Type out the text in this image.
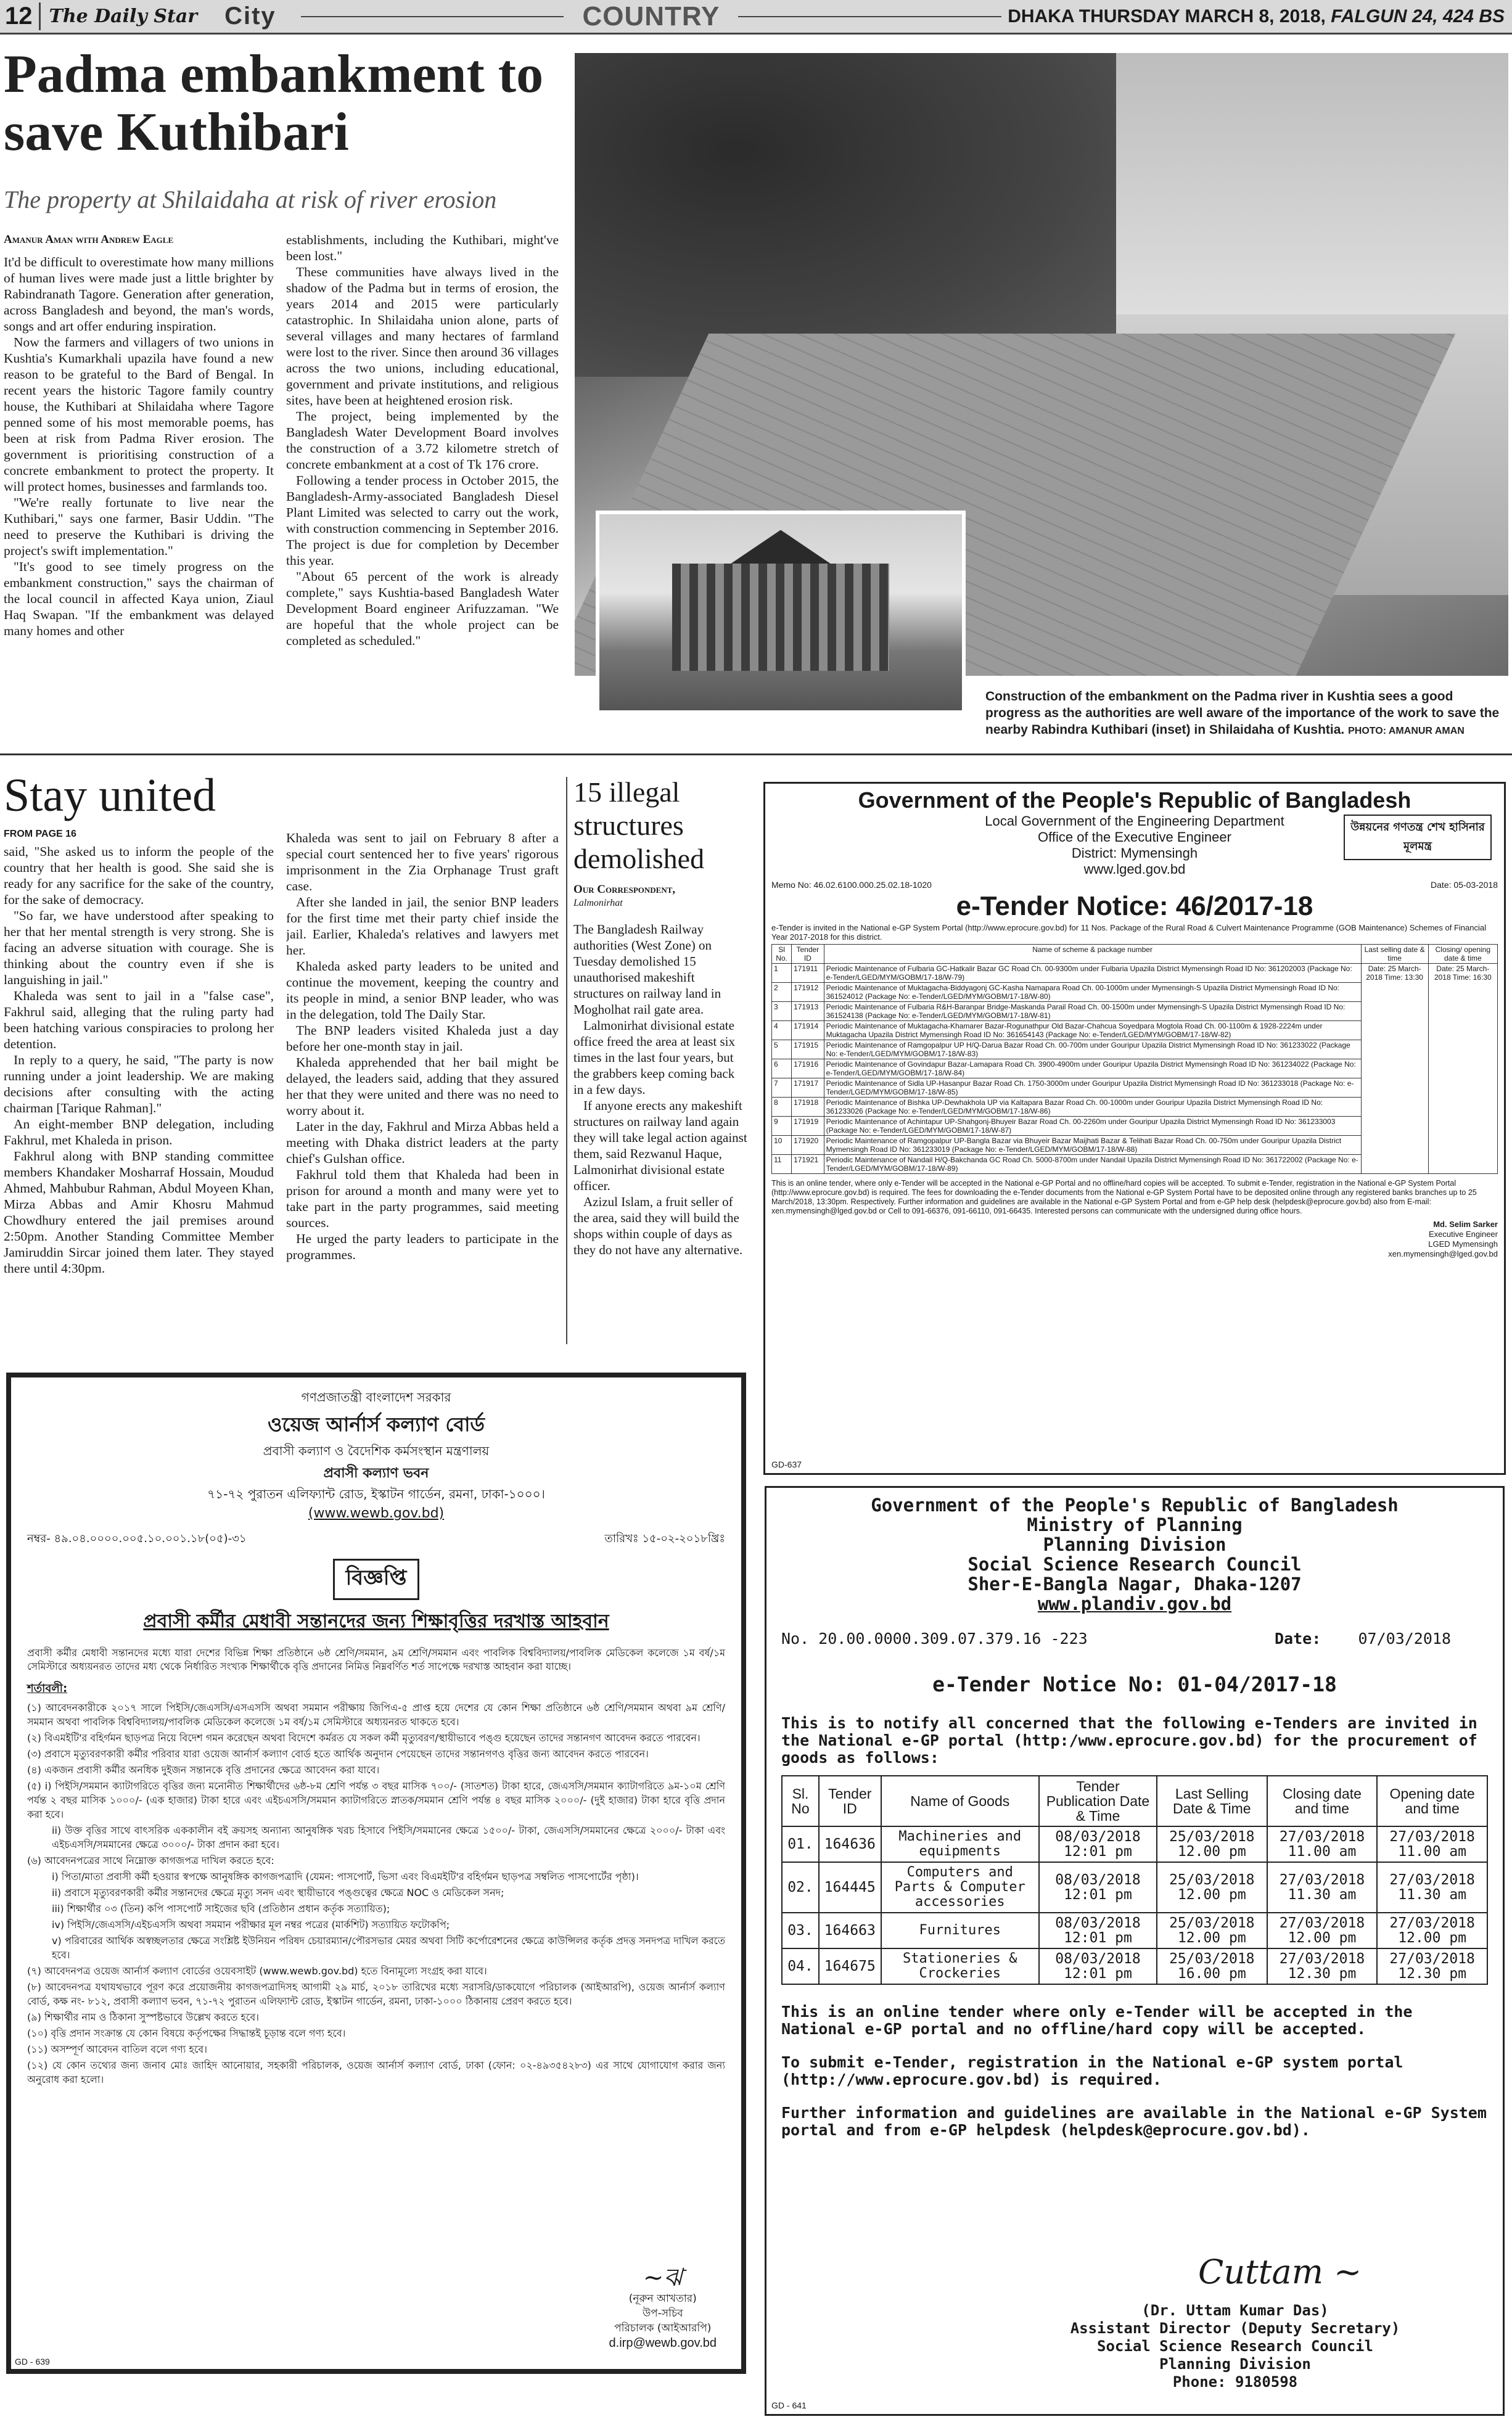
12 The Daily Star	City	COUNTRY	DHAKA THURSDAY MARCH 8, 2018, FALGUN 24, 424 BS
Padma embankment to save Kuthibari
The property at Shilaidaha at risk of river erosion
Amanur Aman with Andrew Eagle

It'd be difficult to overestimate how many millions of human lives were made just a little brighter by Rabindranath Tagore. Generation after generation, across Bangladesh and beyond, the man's words, songs and art offer enduring inspiration.

Now the farmers and villagers of two unions in Kushtia's Kumarkhali upazila have found a new reason to be grateful to the Bard of Bengal. In recent years the historic Tagore family country house, the Kuthibari at Shilaidaha where Tagore penned some of his most memorable poems, has been at risk from Padma River erosion. The government is prioritising construction of a concrete embankment to protect the property. It will protect homes, businesses and farmlands too.

"We're really fortunate to live near the Kuthibari," says one farmer, Basir Uddin. "The need to preserve the Kuthibari is driving the project's swift implementation."

"It's good to see timely progress on the embankment construction," says the chairman of the local council in affected Kaya union, Ziaul Haq Swapan. "If the embankment was delayed many homes and other

establishments, including the Kuthibari, might've been lost."

These communities have always lived in the shadow of the Padma but in terms of erosion, the years 2014 and 2015 were particularly catastrophic. In Shilaidaha union alone, parts of several villages and many hectares of farmland were lost to the river. Since then around 36 villages across the two unions, including educational, government and private institutions, and religious sites, have been at heightened erosion risk.

The project, being implemented by the Bangladesh Water Development Board involves the construction of a 3.72 kilometre stretch of concrete embankment at a cost of Tk 176 crore.

Following a tender process in October 2015, the Bangladesh-Army-associated Bangladesh Diesel Plant Limited was selected to carry out the work, with construction commencing in September 2016. The project is due for completion by December this year.

"About 65 percent of the work is already complete," says Kushtia-based Bangladesh Water Development Board engineer Arifuzzaman. "We are hopeful that the whole project can be completed as scheduled."

Construction of the embankment on the Padma river in Kushtia sees a good progress as the authorities are well aware of the importance of the work to save the nearby Rabindra Kuthibari (inset) in Shilaidaha of Kushtia. PHOTO: AMANUR AMAN
Stay united
FROM PAGE 16

said, "She asked us to inform the people of the country that her health is good. She said she is ready for any sacrifice for the sake of the country, for the sake of democracy.

"So far, we have understood after speaking to her that her mental strength is very strong. She is facing an adverse situation with courage. She is thinking about the country even if she is languishing in jail."

Khaleda was sent to jail in a "false case", Fakhrul said, alleging that the ruling party had been hatching various conspiracies to prolong her detention.

In reply to a query, he said, "The party is now running under a joint leadership. We are making decisions after consulting with the acting chairman [Tarique Rahman]."

An eight-member BNP delegation, including Fakhrul, met Khaleda in prison.

Fakhrul along with BNP standing committee members Khandaker Mosharraf Hossain, Moudud Ahmed, Mahbubur Rahman, Abdul Moyeen Khan, Mirza Abbas and Amir Khosru Mahmud Chowdhury entered the jail premises around 2:50pm. Another Standing Committee Member Jamiruddin Sircar joined them later. They stayed there until 4:30pm.

Khaleda was sent to jail on February 8 after a special court sentenced her to five years' rigorous imprisonment in the Zia Orphanage Trust graft case.

After she landed in jail, the senior BNP leaders for the first time met their party chief inside the jail. Earlier, Khaleda's relatives and lawyers met her.

Khaleda asked party leaders to be united and continue the movement, keeping the country and its people in mind, a senior BNP leader, who was in the delegation, told The Daily Star.

The BNP leaders visited Khaleda just a day before her one-month stay in jail.

Khaleda apprehended that her bail might be delayed, the leaders said, adding that they assured her that they were united and there was no need to worry about it.

Later in the day, Fakhrul and Mirza Abbas held a meeting with Dhaka district leaders at the party chief's Gulshan office.

Fakhrul told them that Khaleda had been in prison for around a month and many were yet to take part in the party programmes, said meeting sources.

He urged the party leaders to participate in the programmes.

15 illegal structures demolished
Our Correspondent,
Lalmonirhat

The Bangladesh Railway authorities (West Zone) on Tuesday demolished 15 unauthorised makeshift structures on railway land in Mogholhat rail gate area.

Lalmonirhat divisional estate office freed the area at least six times in the last four years, but the grabbers keep coming back in a few days.

If anyone erects any makeshift structures on railway land again they will take legal action against them, said Rezwanul Haque, Lalmonirhat divisional estate officer.

Azizul Islam, a fruit seller of the area, said they will build the shops within couple of days as they do not have any alternative.

Government of the People's Republic of Bangladesh
Local Government of the Engineering Department
Office of the Executive Engineer
District: Mymensingh
www.lged.gov.bd
উন্নয়নের গণতন্ত্র শেখ হাসিনার মূলমন্ত্র
Memo No: 46.02.6100.000.25.02.18-1020	Date: 05-03-2018
e-Tender Notice: 46/2017-18
e-Tender is invited in the National e-GP System Portal (http://www.eprocure.gov.bd) for 11 Nos. Package of the Rural Road & Culvert Maintenance Programme (GOB Maintenance) Schemes of Financial Year 2017-2018 for this district.
Sl No.	Tender ID	Name of scheme & package number	Last selling date & time	Closing/ opening date & time
1	171911	Periodic Maintenance of Fulbaria GC-Hatkalir Bazar GC Road Ch. 00-9300m under Fulbaria Upazila District Mymensingh Road ID No: 361202003 (Package No: e-Tender/LGED/MYM/GOBM/17-18/W-79)	Date: 25 March-2018 Time: 13:30	Date: 25 March-2018 Time: 16:30
2	171912	Periodic Maintenance of Muktagacha-Biddyagonj GC-Kasha Namapara Road Ch. 00-1000m under Mymensingh-S Upazila District Mymensingh Road ID No: 361524012 (Package No: e-Tender/LGED/MYM/GOBM/17-18/W-80)		
3	171913	Periodic Maintenance of Fulbaria R&H-Baranpar Bridge-Maskanda Parail Road Ch. 00-1500m under Mymensingh-S Upazila District Mymensingh Road ID No: 361524138 (Package No: e-Tender/LGED/MYM/GOBM/17-18/W-81)		
4	171914	Periodic Maintenance of Muktagacha-Khamarer Bazar-Rogunathpur Old Bazar-Chahcua Soyedpara Mogtola Road Ch. 00-1100m & 1928-2224m under Muktagacha Upazila District Mymensingh Road ID No: 361654143 (Package No: e-Tender/LGED/MYM/GOBM/17-18/W-82)		
5	171915	Periodic Maintenance of Ramgopalpur UP H/Q-Darua Bazar Road Ch. 00-700m under Gouripur Upazila District Mymensingh Road ID No: 361233022 (Package No: e-Tender/LGED/MYM/GOBM/17-18/W-83)		
6	171916	Periodic Maintenance of Govindapur Bazar-Lamapara Road Ch. 3900-4900m under Gouripur Upazila District Mymensingh Road ID No: 361234022 (Package No: e-Tender/LGED/MYM/GOBM/17-18/W-84)		
7	171917	Periodic Maintenance of Sidla UP-Hasanpur Bazar Road Ch. 1750-3000m under Gouripur Upazila District Mymensingh Road ID No: 361233018 (Package No: e-Tender/LGED/MYM/GOBM/17-18/W-85)		
8	171918	Periodic Maintenance of Bishka UP-Dewhakhola UP via Kaltapara Bazar Road Ch. 00-1000m under Gouripur Upazila District Mymensingh Road ID No: 361233026 (Package No: e-Tender/LGED/MYM/GOBM/17-18/W-86)		
9	171919	Periodic Maintenance of Achintapur UP-Shahgonj-Bhuyeir Bazar Road Ch. 00-2260m under Gouripur Upazila District Mymensingh Road ID No: 361233003 (Package No: e-Tender/LGED/MYM/GOBM/17-18/W-87)		
10	171920	Periodic Maintenance of Ramgopalpur UP-Bangla Bazar via Bhuyeir Bazar Maijhati Bazar & Telihati Bazar Road Ch. 00-750m under Gouripur Upazila District Mymensingh Road ID No: 361233019 (Package No: e-Tender/LGED/MYM/GOBM/17-18/W-88)		
11	171921	Periodic Maintenance of Nandail H/Q-Bakchanda GC Road Ch. 5000-8700m under Nandail Upazila District Mymensingh Road ID No: 361722002 (Package No: e-Tender/LGED/MYM/GOBM/17-18/W-89)		
This is an online tender, where only e-Tender will be accepted in the National e-GP Portal and no offline/hard copies will be accepted. To submit e-Tender, registration in the National e-GP System Portal (http://www.eprocure.gov.bd) is required. The fees for downloading the e-Tender documents from the National e-GP System Portal have to be deposited online through any registered banks branches up to 25 March/2018, 13:30pm. Respectively. Further information and guidelines are available in the National e-GP System Portal and from e-GP help desk (helpdesk@eprocure.gov.bd) also from E-mail: xen.mymensingh@lged.gov.bd or Cell to 091-66376, 091-66110, 091-66435. Interested persons can communicate with the undersigned during office hours.
Md. Selim Sarker
Executive Engineer
LGED Mymensingh
xen.mymensingh@lged.gov.bd
GD-637
গণপ্রজাতন্ত্রী বাংলাদেশ সরকার
ওয়েজ আর্নার্স কল্যাণ বোর্ড
প্রবাসী কল্যাণ ও বৈদেশিক কর্মসংস্থান মন্ত্রণালয়
প্রবাসী কল্যাণ ভবন
৭১-৭২ পুরাতন এলিফ্যান্ট রোড, ইস্কাটন গার্ডেন, রমনা, ঢাকা-১০০০।
(www.wewb.gov.bd)
নম্বর- ৪৯.০৪.০০০০.০০৫.১০.০০১.১৮(০৫)-৩১	তারিখঃ ১৫-০২-২০১৮খ্রিঃ
বিজ্ঞপ্তি
প্রবাসী কর্মীর মেধাবী সন্তানদের জন্য শিক্ষাবৃত্তির দরখাস্ত আহবান
প্রবাসী কর্মীর মেধাবী সন্তানদের মধ্যে যারা দেশের বিভিন্ন শিক্ষা প্রতিষ্ঠানে ৬ষ্ঠ শ্রেণি/সমমান, ৯ম শ্রেণি/সমমান এবং পাবলিক বিশ্ববিদ্যালয়/পাবলিক মেডিকেল কলেজে ১ম বর্ষ/১ম সেমিস্টারে অধ্যয়নরত তাদের মধ্য থেকে নির্ধারিত সংখ্যক শিক্ষার্থীকে বৃত্তি প্রদানের নিমিত্ত নিম্নবর্ণিত শর্ত সাপেক্ষে দরখাস্ত আহবান করা যাচ্ছে।
শর্তাবলী:
(১) আবেদনকারীকে ২০১৭ সালে পিইসি/জেএসসি/এসএসসি অথবা সমমান পরীক্ষায় জিপিএ-৫ প্রাপ্ত হয়ে দেশের যে কোন শিক্ষা প্রতিষ্ঠানে ৬ষ্ঠ শ্রেণি/সমমান অথবা ৯ম শ্রেণি/সমমান অথবা পাবলিক বিশ্ববিদ্যালয়/পাবলিক মেডিকেল কলেজে ১ম বর্ষ/১ম সেমিস্টারে অধ্যয়নরত থাকতে হবে।
(২) বিএমইটি'র বহির্গমন ছাড়পত্র নিয়ে বিদেশ গমন করেছেন অথবা বিদেশে কর্মরত যে সকল কর্মী মৃত্যুবরণ/স্থায়ীভাবে পঙ্গু হয়েছেন তাদের সন্তানগণ আবেদন করতে পারবেন।
(৩) প্রবাসে মৃত্যুবরণকারী কর্মীর পরিবার যারা ওয়েজ আর্নার্স কল্যাণ বোর্ড হতে আর্থিক অনুদান পেয়েছেন তাদের সন্তানগণও বৃত্তির জন্য আবেদন করতে পারবেন।
(৪) একজন প্রবাসী কর্মীর অনধিক দুইজন সন্তানকে বৃত্তি প্রদানের ক্ষেত্রে আবেদন করা যাবে।
(৫) i) পিইসি/সমমান ক্যাটাগরিতে বৃত্তির জন্য মনোনীত শিক্ষার্থীদের ৬ষ্ঠ-৮ম শ্রেণি পর্যন্ত ৩ বছর মাসিক ৭০০/- (সাতশত) টাকা হারে, জেএসসি/সমমান ক্যাটাগরিতে ৯ম-১০ম শ্রেণি পর্যন্ত ২ বছর মাসিক ১০০০/- (এক হাজার) টাকা হারে এবং এইচএসসি/সমমান ক্যাটাগরিতে স্নাতক/সমমান শ্রেণি পর্যন্ত ৪ বছর মাসিক ২০০০/- (দুই হাজার) টাকা হারে বৃত্তি প্রদান করা হবে।
ii) উক্ত বৃত্তির সাথে বাৎসরিক এককালীন বই ক্রয়সহ অন্যান্য আনুষঙ্গিক খরচ হিসাবে পিইসি/সমমানের ক্ষেত্রে ১৫০০/- টাকা, জেএসসি/সমমানের ক্ষেত্রে ২০০০/- টাকা এবং এইচএসসি/সমমানের ক্ষেত্রে ৩০০০/- টাকা প্রদান করা হবে।
(৬) আবেদনপত্রের সাথে নিম্নোক্ত কাগজপত্র দাখিল করতে হবে:
i) পিতা/মাতা প্রবাসী কর্মী হওয়ার স্বপক্ষে আনুষঙ্গিক কাগজপত্রাদি (যেমন: পাসপোর্ট, ভিসা এবং বিএমইটি'র বহির্গমন ছাড়পত্র সম্বলিত পাসপোর্টের পৃষ্ঠা)।
ii) প্রবাসে মৃত্যুবরণকারী কর্মীর সন্তানদের ক্ষেত্রে মৃত্যু সনদ এবং স্থায়ীভাবে পঙ্গুত্বের ক্ষেত্রে NOC ও মেডিকেল সনদ;
iii) শিক্ষার্থীর ০৩ (তিন) কপি পাসপোর্ট সাইজের ছবি (প্রতিষ্ঠান প্রধান কর্তৃক সত্যায়িত);
iv) পিইসি/জেএসসি/এইচএসসি অথবা সমমান পরীক্ষার মূল নম্বর পত্রের (মার্কশিট) সত্যায়িত ফটোকপি;
v) পরিবারের আর্থিক অস্বচ্ছলতার ক্ষেত্রে সংশ্লিষ্ট ইউনিয়ন পরিষদ চেয়ারম্যান/পৌরসভার মেয়র অথবা সিটি কর্পোরেশনের ক্ষেত্রে কাউন্সিলর কর্তৃক প্রদত্ত সনদপত্র দাখিল করতে হবে।
(৭) আবেদনপত্র ওয়েজ আর্নার্স কল্যাণ বোর্ডের ওয়েবসাইট (www.wewb.gov.bd) হতে বিনামূল্যে সংগ্রহ করা যাবে।
(৮) আবেদনপত্র যথাযথভাবে পূরণ করে প্রয়োজনীয় কাগজপত্রাদিসহ আগামী ২৯ মার্চ, ২০১৮ তারিখের মধ্যে সরাসরি/ডাকযোগে পরিচালক (আইআরপি), ওয়েজ আর্নার্স কল্যাণ বোর্ড, কক্ষ নং- ৮১২, প্রবাসী কল্যাণ ভবন, ৭১-৭২ পুরাতন এলিফ্যান্ট রোড, ইস্কাটন গার্ডেন, রমনা, ঢাকা-১০০০ ঠিকানায় প্রেরণ করতে হবে।
(৯) শিক্ষার্থীর নাম ও ঠিকানা সুস্পষ্টভাবে উল্লেখ করতে হবে।
(১০) বৃত্তি প্রদান সংক্রান্ত যে কোন বিষয়ে কর্তৃপক্ষের সিদ্ধান্তই চূড়ান্ত বলে গণ্য হবে।
(১১) অসম্পূর্ণ আবেদন বাতিল বলে গণ্য হবে।
(১২) যে কোন তথ্যের জন্য জনাব মোঃ জাহিদ আনোয়ার, সহকারী পরিচালক, ওয়েজ আর্নার্স কল্যাণ বোর্ড, ঢাকা (ফোন: ০২-৪৯৩৫৪২৮৩) এর সাথে যোগাযোগ করার জন্য অনুরোধ করা হলো।
~ঝ
(নূরুন আখতার)
উপ-সচিব
পরিচালক (আইআরপি)
d.irp@wewb.gov.bd
GD - 639
Government of the People's Republic of Bangladesh
Ministry of Planning
Planning Division
Social Science Research Council
Sher-E-Bangla Nagar, Dhaka-1207
www.plandiv.gov.bd
No. 20.00.0000.309.07.379.16 -223	Date: 07/03/2018
e-Tender Notice No: 01-04/2017-18
This is to notify all concerned that the following e-Tenders are invited in the National e-GP portal (http:/www.eprocure.gov.bd) for the procurement of goods as follows:
Sl. No	Tender ID	Name of Goods	Tender Publication Date & Time	Last Selling Date & Time	Closing date and time	Opening date and time
01.	164636	Machineries and equipments	08/03/2018 12:01 pm	25/03/2018 12.00 pm	27/03/2018 11.00 am	27/03/2018 11.00 am
02.	164445	Computers and Parts & Computer accessories	08/03/2018 12:01 pm	25/03/2018 12.00 pm	27/03/2018 11.30 am	27/03/2018 11.30 am
03.	164663	Furnitures	08/03/2018 12:01 pm	25/03/2018 12.00 pm	27/03/2018 12.00 pm	27/03/2018 12.00 pm
04.	164675	Stationeries & Crockeries	08/03/2018 12:01 pm	25/03/2018 16.00 pm	27/03/2018 12.30 pm	27/03/2018 12.30 pm
This is an online tender where only e-Tender will be accepted in the National e-GP portal and no offline/hard copy will be accepted.
To submit e-Tender, registration in the National e-GP system portal (http://www.eprocure.gov.bd) is required.
Further information and guidelines are available in the National e-GP System portal and from e-GP helpdesk (helpdesk@eprocure.gov.bd).
Cuttam ~
(Dr. Uttam Kumar Das)
Assistant Director (Deputy Secretary)
Social Science Research Council
Planning Division
Phone: 9180598
GD - 641
